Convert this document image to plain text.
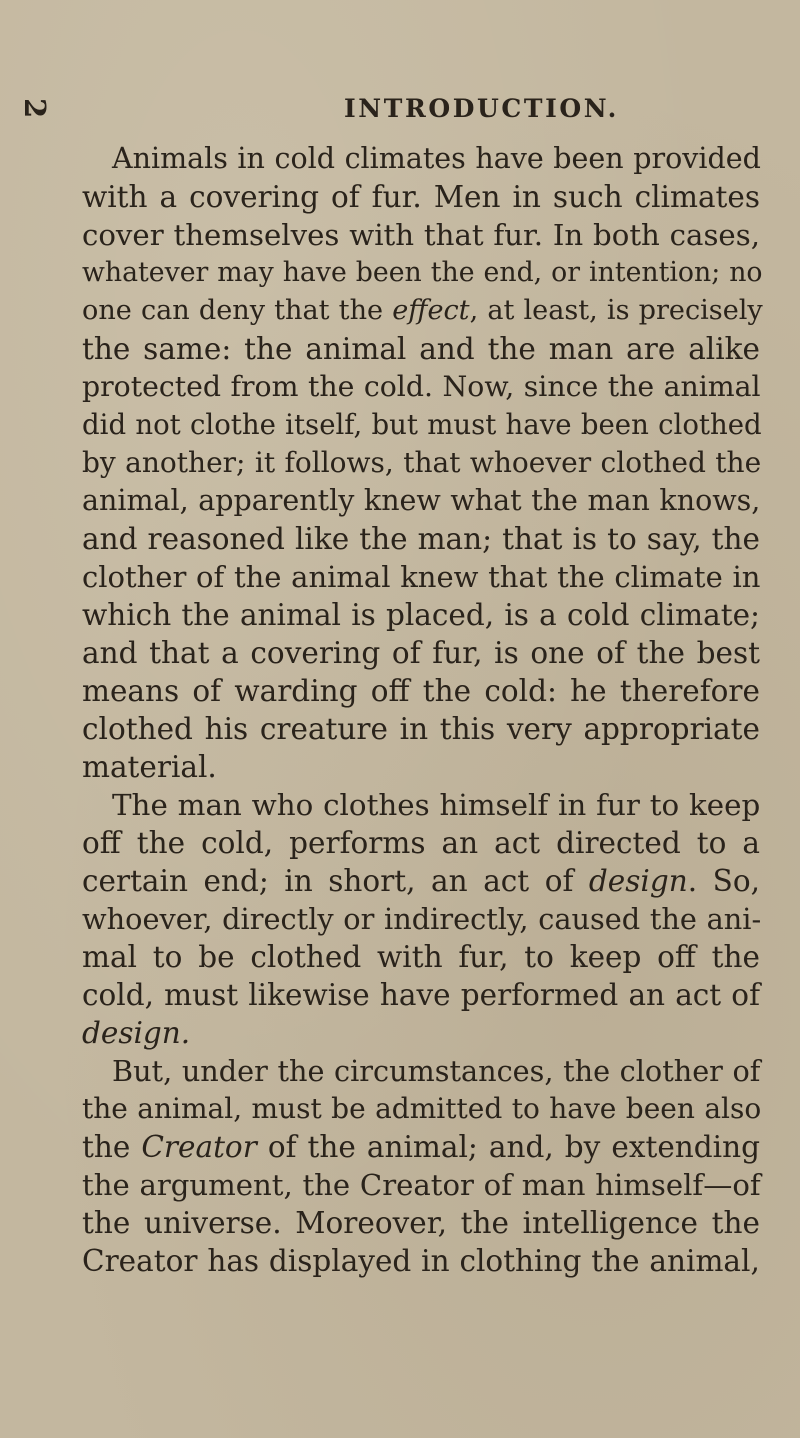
2	INTRODUCTION.
Animals in cold climates have been provided
with a covering of fur. Men in such climates
cover themselves with that fur. In both cases,
whatever may have been the end, or intention; no
one can deny that the effect, at least, is precisely
the same: the animal and the man are alike
protected from the cold. Now, since the animal
did not clothe itself, but must have been clothed
by another; it follows, that whoever clothed the
animal, apparently knew what the man knows,
and reasoned like the man; that is to say, the
clother of the animal knew that the climate in
which the animal is placed, is a cold climate;
and that a covering of fur, is one of the best
means of warding off the cold: he therefore
clothed his creature in this very appropriate
material.
The man who clothes himself in fur to keep
off the cold, performs an act directed to a
certain end; in short, an act of design. So,
whoever, directly or indirectly, caused the ani-
mal to be clothed with fur, to keep off the
cold, must likewise have performed an act of
design.
But, under the circumstances, the clother of
the animal, must be admitted to have been also
the Creator of the animal; and, by extending
the argument, the Creator of man himself—of
the universe. Moreover, the intelligence the
Creator has displayed in clothing the animal,
